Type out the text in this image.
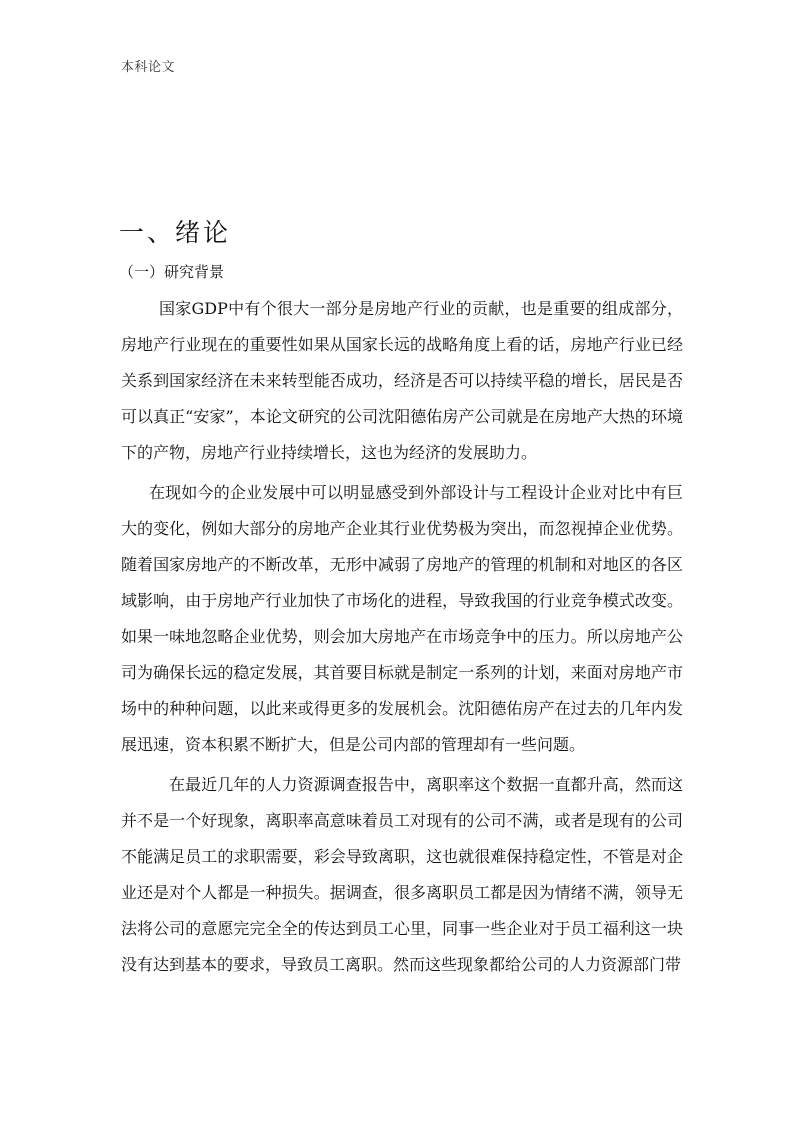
本科论文
一、绪论
（一）研究背景

国家GDP中有个很大一部分是房地产行业的贡献，也是重要的组成部分，房地产行业现在的重要性如果从国家长远的战略角度上看的话，房地产行业已经关系到国家经济在未来转型能否成功，经济是否可以持续平稳的增长，居民是否可以真正“安家”，本论文研究的公司沈阳德佑房产公司就是在房地产大热的环境下的产物，房地产行业持续增长，这也为经济的发展助力。

在现如今的企业发展中可以明显感受到外部设计与工程设计企业对比中有巨大的变化，例如大部分的房地产企业其行业优势极为突出，而忽视掉企业优势。随着国家房地产的不断改革，无形中减弱了房地产的管理的机制和对地区的各区域影响，由于房地产行业加快了市场化的进程，导致我国的行业竞争模式改变。如果一味地忽略企业优势，则会加大房地产在市场竞争中的压力。所以房地产公司为确保长远的稳定发展，其首要目标就是制定一系列的计划，来面对房地产市场中的种种问题，以此来或得更多的发展机会。沈阳德佑房产在过去的几年内发展迅速，资本积累不断扩大，但是公司内部的管理却有一些问题。

在最近几年的人力资源调查报告中，离职率这个数据一直都升高，然而这并不是一个好现象，离职率高意味着员工对现有的公司不满，或者是现有的公司不能满足员工的求职需要，彩会导致离职，这也就很难保持稳定性，不管是对企业还是对个人都是一种损失。据调查，很多离职员工都是因为情绪不满，领导无法将公司的意愿完完全全的传达到员工心里，同事一些企业对于员工福利这一块没有达到基本的要求，导致员工离职。然而这些现象都给公司的人力资源部门带
